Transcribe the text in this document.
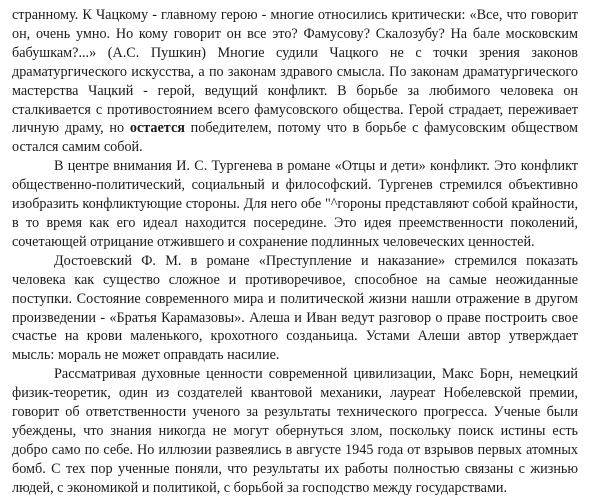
странному. К Чацкому - главному герою - многие относились критически: «Все, что говорит он, очень умно. Но кому говорит он все это? Фамусову? Скалозубу? На бале московским бабушкам?...» (А.С. Пушкин) Многие судили Чацкого не с точки зрения законов драматургического искусства, а по законам здравого смысла. По законам драматургического мастерства Чацкий - герой, ведущий конфликт. В борьбе за любимого человека он сталкивается с противостоянием всего фамусовского общества. Герой страдает, переживает личную драму, но остается победителем, потому что в борьбе с фамусовским обществом остался самим собой.

В центре внимания И. С. Тургенева в романе «Отцы и дети» конфликт. Это конфликт общественно-политический, социальный и философский. Тургенев стремился объективно изобразить конфликтующие стороны. Для него обе "^гороны представляют собой крайности, в то время как его идеал находится посередине. Это идея преемственности поколений, сочетающей отрицание отжившего и сохранение подлинных человеческих ценностей.

Достоевский Ф. М. в романе «Преступление и наказание» стремился показать человека как существо сложное и противоречивое, способное на самые неожиданные поступки. Состояние современного мира и политической жизни нашли отражение в другом произведении - «Братья Карамазовы». Алеша и Иван ведут разговор о праве построить свое счастье на крови маленького, крохотного созданьица. Устами Алеши автор утверждает мысль: мораль не может оправдать насилие.

Рассматривая духовные ценности современной цивилизации, Макс Борн, немецкий физик-теоретик, один из создателей квантовой механики, лауреат Нобелевской премии, говорит об ответственности ученого за результаты технического прогресса. Ученые были убеждены, что знания никогда не могут обернуться злом, поскольку поиск истины есть добро само по себе. Но иллюзии развеялись в августе 1945 года от взрывов первых атомных бомб. С тех пор ученные поняли, что результаты их работы полностью связаны с жизнью людей, с экономикой и политикой, с борьбой за господство между государствами.
